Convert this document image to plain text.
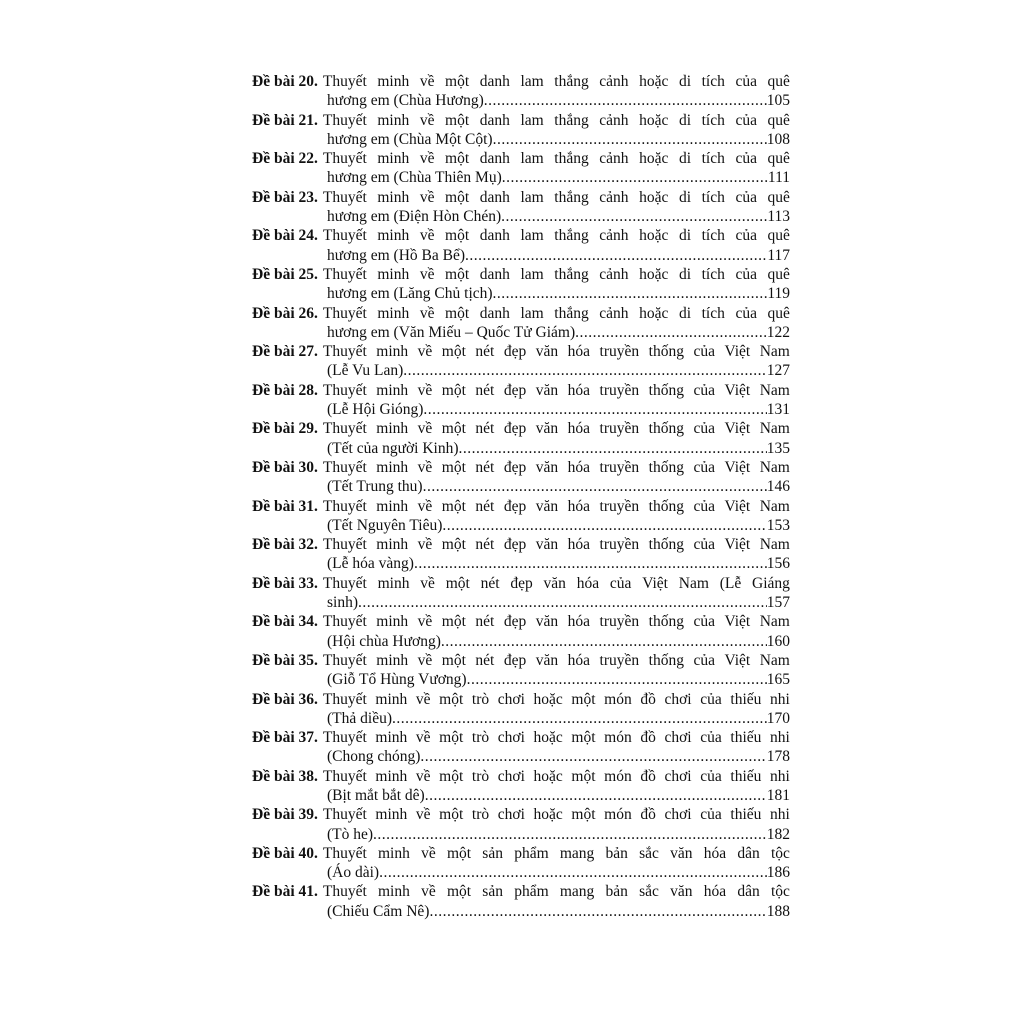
Đề bài 20. Thuyết minh về một danh lam thắng cảnh hoặc di tích của quê
hương em (Chùa Hương) .....	105
Đề bài 21. Thuyết minh về một danh lam thắng cảnh hoặc di tích của quê
hương em (Chùa Một Cột) .....	108
Đề bài 22. Thuyết minh về một danh lam thắng cảnh hoặc di tích của quê
hương em (Chùa Thiên Mụ) .....	111
Đề bài 23. Thuyết minh về một danh lam thắng cảnh hoặc di tích của quê
hương em (Điện Hòn Chén) .....	113
Đề bài 24. Thuyết minh về một danh lam thắng cảnh hoặc di tích của quê
hương em (Hồ Ba Bể) .....	117
Đề bài 25. Thuyết minh về một danh lam thắng cảnh hoặc di tích của quê
hương em (Lăng Chủ tịch) .....	119
Đề bài 26. Thuyết minh về một danh lam thắng cảnh hoặc di tích của quê
hương em (Văn Miếu – Quốc Tử Giám) .....	122
Đề bài 27. Thuyết minh về một nét đẹp văn hóa truyền thống của Việt Nam
(Lễ Vu Lan) .....	127
Đề bài 28. Thuyết minh về một nét đẹp văn hóa truyền thống của Việt Nam
(Lễ Hội Gióng) .....	131
Đề bài 29. Thuyết minh về một nét đẹp văn hóa truyền thống của Việt Nam
(Tết của người Kinh) .....	135
Đề bài 30. Thuyết minh về một nét đẹp văn hóa truyền thống của Việt Nam
(Tết Trung thu) .....	146
Đề bài 31. Thuyết minh về một nét đẹp văn hóa truyền thống của Việt Nam
(Tết Nguyên Tiêu) .....	153
Đề bài 32. Thuyết minh về một nét đẹp văn hóa truyền thống của Việt Nam
(Lễ hóa vàng) .....	156
Đề bài 33. Thuyết minh về một nét đẹp văn hóa của Việt Nam (Lễ Giáng
sinh) .....	157
Đề bài 34. Thuyết minh về một nét đẹp văn hóa truyền thống của Việt Nam
(Hội chùa Hương) .....	160
Đề bài 35. Thuyết minh về một nét đẹp văn hóa truyền thống của Việt Nam
(Giỗ Tổ Hùng Vương) .....	165
Đề bài 36. Thuyết minh về một trò chơi hoặc một món đồ chơi của thiếu nhi
(Thả diều) .....	170
Đề bài 37. Thuyết minh về một trò chơi hoặc một món đồ chơi của thiếu nhi
(Chong chóng) .....	178
Đề bài 38. Thuyết minh về một trò chơi hoặc một món đồ chơi của thiếu nhi
(Bịt mắt bắt dê) .....	181
Đề bài 39. Thuyết minh về một trò chơi hoặc một món đồ chơi của thiếu nhi
(Tò he) .....	182
Đề bài 40. Thuyết minh về một sản phẩm mang bản sắc văn hóa dân tộc
(Áo dài) .....	186
Đề bài 41. Thuyết minh về một sản phẩm mang bản sắc văn hóa dân tộc
(Chiếu Cẩm Nê) .....	188
